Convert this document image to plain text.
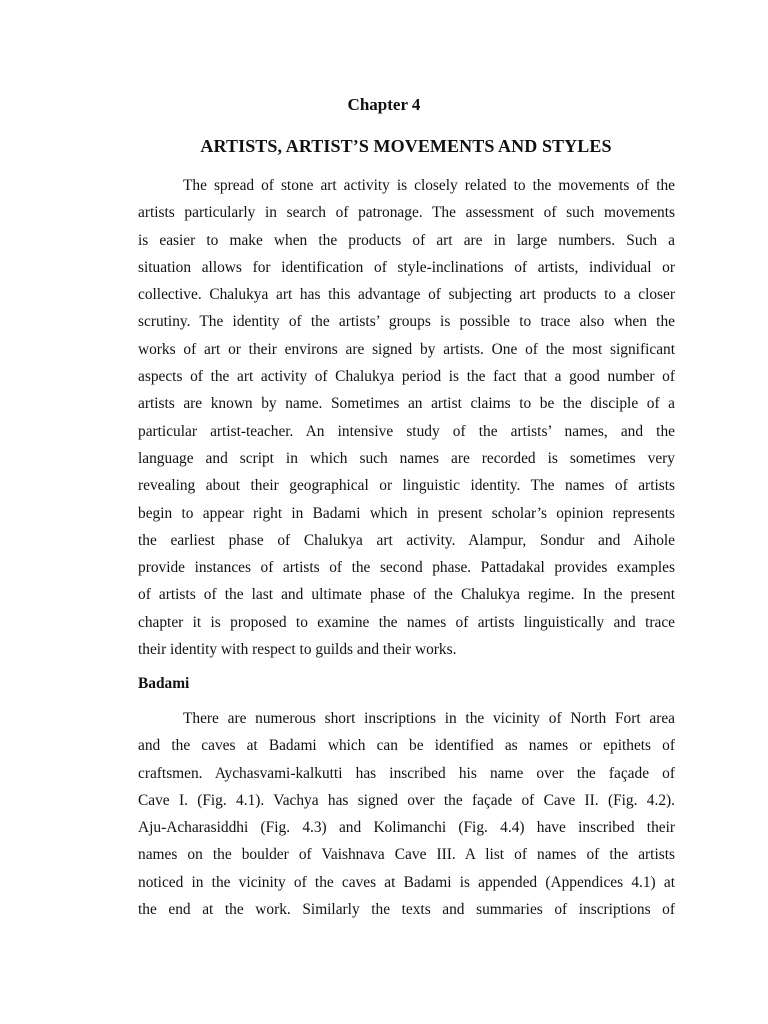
Chapter 4
ARTISTS, ARTIST’S MOVEMENTS AND STYLES
The spread of stone art activity is closely related to the movements of the
artists particularly in search of patronage. The assessment of such movements
is easier to make when the products of art are in large numbers. Such a
situation allows for identification of style-inclinations of artists, individual or
collective. Chalukya art has this advantage of subjecting art products to a closer
scrutiny. The identity of the artists’ groups is possible to trace also when the
works of art or their environs are signed by artists. One of the most significant
aspects of the art activity of Chalukya period is the fact that a good number of
artists are known by name. Sometimes an artist claims to be the disciple of a
particular artist-teacher. An intensive study of the artists’ names, and the
language and script in which such names are recorded is sometimes very
revealing about their geographical or linguistic identity. The names of artists
begin to appear right in Badami which in present scholar’s opinion represents
the earliest phase of Chalukya art activity. Alampur, Sondur and Aihole
provide instances of artists of the second phase. Pattadakal provides examples
of artists of the last and ultimate phase of the Chalukya regime. In the present
chapter it is proposed to examine the names of artists linguistically and trace
their identity with respect to guilds and their works.
Badami
There are numerous short inscriptions in the vicinity of North Fort area
and the caves at Badami which can be identified as names or epithets of
craftsmen. Aychasvami-kalkutti has inscribed his name over the façade of
Cave I. (Fig. 4.1). Vachya has signed over the façade of Cave II. (Fig. 4.2).
Aju-Acharasiddhi (Fig. 4.3) and Kolimanchi (Fig. 4.4) have inscribed their
names on the boulder of Vaishnava Cave III. A list of names of the artists
noticed in the vicinity of the caves at Badami is appended (Appendices 4.1) at
the end at the work. Similarly the texts and summaries of inscriptions of
